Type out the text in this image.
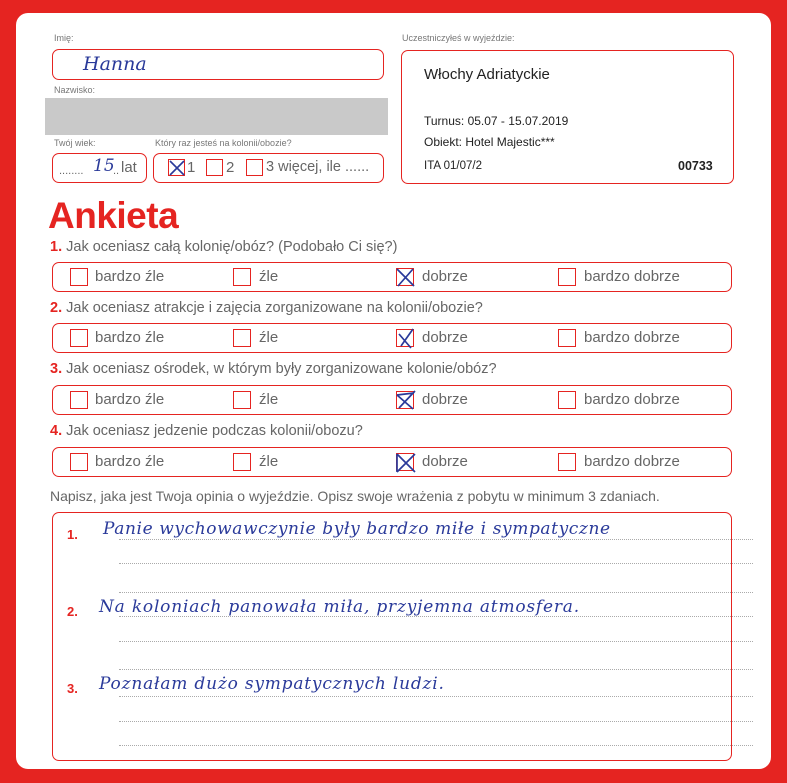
Imię:
Hanna
Nazwisko:
Twój wiek:
........ 15
.. lat
Który raz jesteś na kolonii/obozie?
1 2 3 więcej, ile ......
Uczestniczyłeś w wyjeździe:
Włochy Adriatyckie
Turnus: 05.07 - 15.07.2019
Obiekt: Hotel Majestic***
ITA 01/07/2	00733
Ankieta
1. Jak oceniasz całą kolonię/obóz? (Podobało Ci się?)
bardzo źle	źle	dobrze	bardzo dobrze
2. Jak oceniasz atrakcje i zajęcia zorganizowane na kolonii/obozie?
bardzo źle	źle	dobrze	bardzo dobrze
3. Jak oceniasz ośrodek, w którym były zorganizowane kolonie/obóz?
bardzo źle	źle	dobrze	bardzo dobrze
4. Jak oceniasz jedzenie podczas kolonii/obozu?
bardzo źle	źle	dobrze	bardzo dobrze
Napisz, jaka jest Twoja opinia o wyjeździe. Opisz swoje wrażenia z pobytu w minimum 3 zdaniach.
1. Panie wychowawczynie były bardzo miłe i sympatyczne
2. Na koloniach panowała miła, przyjemna atmosfera.
3. Poznałam dużo sympatycznych ludzi.
